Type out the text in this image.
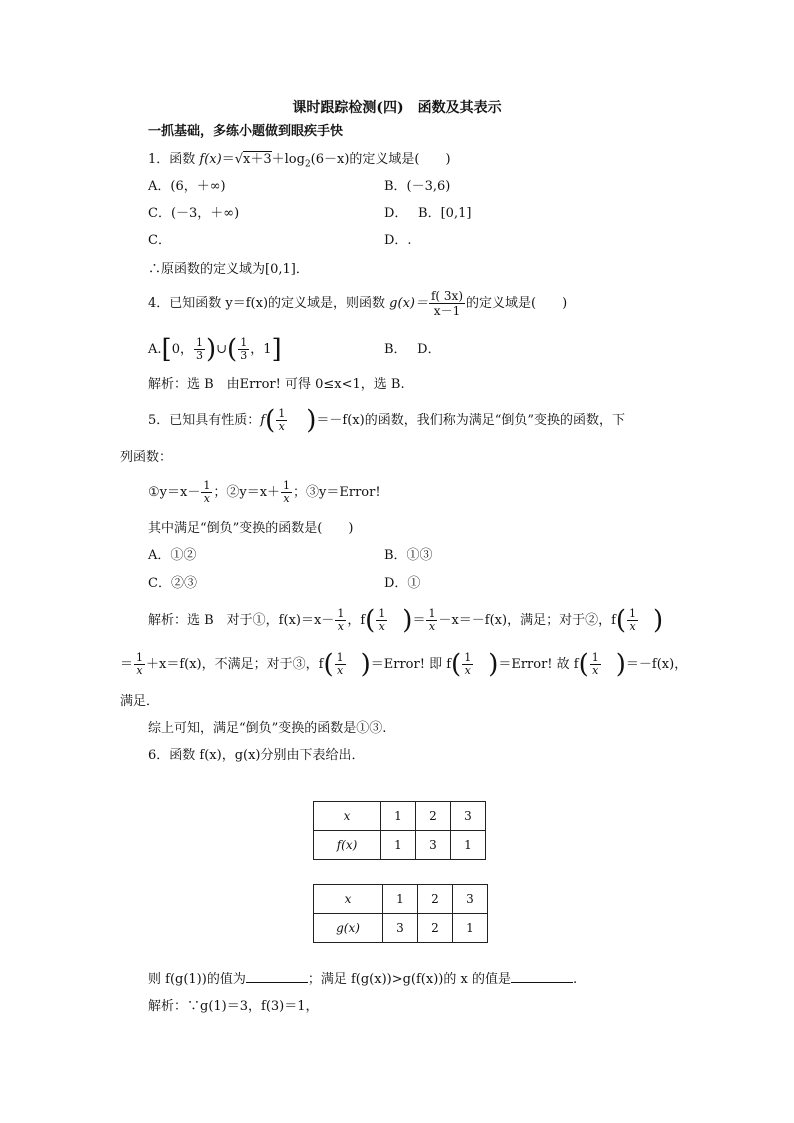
课时跟踪检测(四)　函数及其表示
一抓基础，多练小题做到眼疾手快
1．函数 $f(x)=√x+3+\log_2(6-x)$的定义域是(　　)
A．(6，＋∞)	B．(－3,6)
C．(－3，＋∞)	D．　 B．[0,1]
C．	D．.
∴原函数的定义域为[0,1]．
4．已知函数 y＝f(x)的定义域是，则函数 $g(x)= \frac{f( 3x)}{x-1}$ 的定义域是(　　)
A.[0， $\frac{1}{3}$ )∪( $\frac{1}{3}$ ，1]	B．　 D．
解析：选 B　由Error! 可得 0≤x<1，选 B.
5．已知具有性质：$f( \frac{1}{x} )=-f(x)$的函数，我们称为满足“倒负”变换的函数，下
列函数：
①y＝x－ $\frac{1}{x}$ ；②y＝x＋ $\frac{1}{x}$ ；③y＝Error!
其中满足“倒负”变换的函数是(　　)
A．①②	B．①③
C．②③	D．①
解析：选 B　对于①，$f(x)=x- \frac{1}{x}$ ，$f( \frac{1}{x}$ )＝ $\frac{1}{x} -x=-f(x)$，满足；对于②，$f( \frac{1}{x}$ )
＝ $\frac{1}{x} +x=f(x)$，不满足；对于③，$f( \frac{1}{x}$ )＝Error! 即 $f( \frac{1}{x}$ )＝Error! 故 $f( \frac{1}{x} )=-f(x)$，
满足．
综上可知，满足“倒负”变换的函数是①③.
6．函数 f(x)，g(x)分别由下表给出．
x	1	2	3
f(x)	1	3	1
x	1	2	3
g(x)	3	2	1
则 f(g(1))的值为	；满足 f(g(x))>g(f(x))的 x 的值是	.
解析：∵g(1)＝3，f(3)＝1，
